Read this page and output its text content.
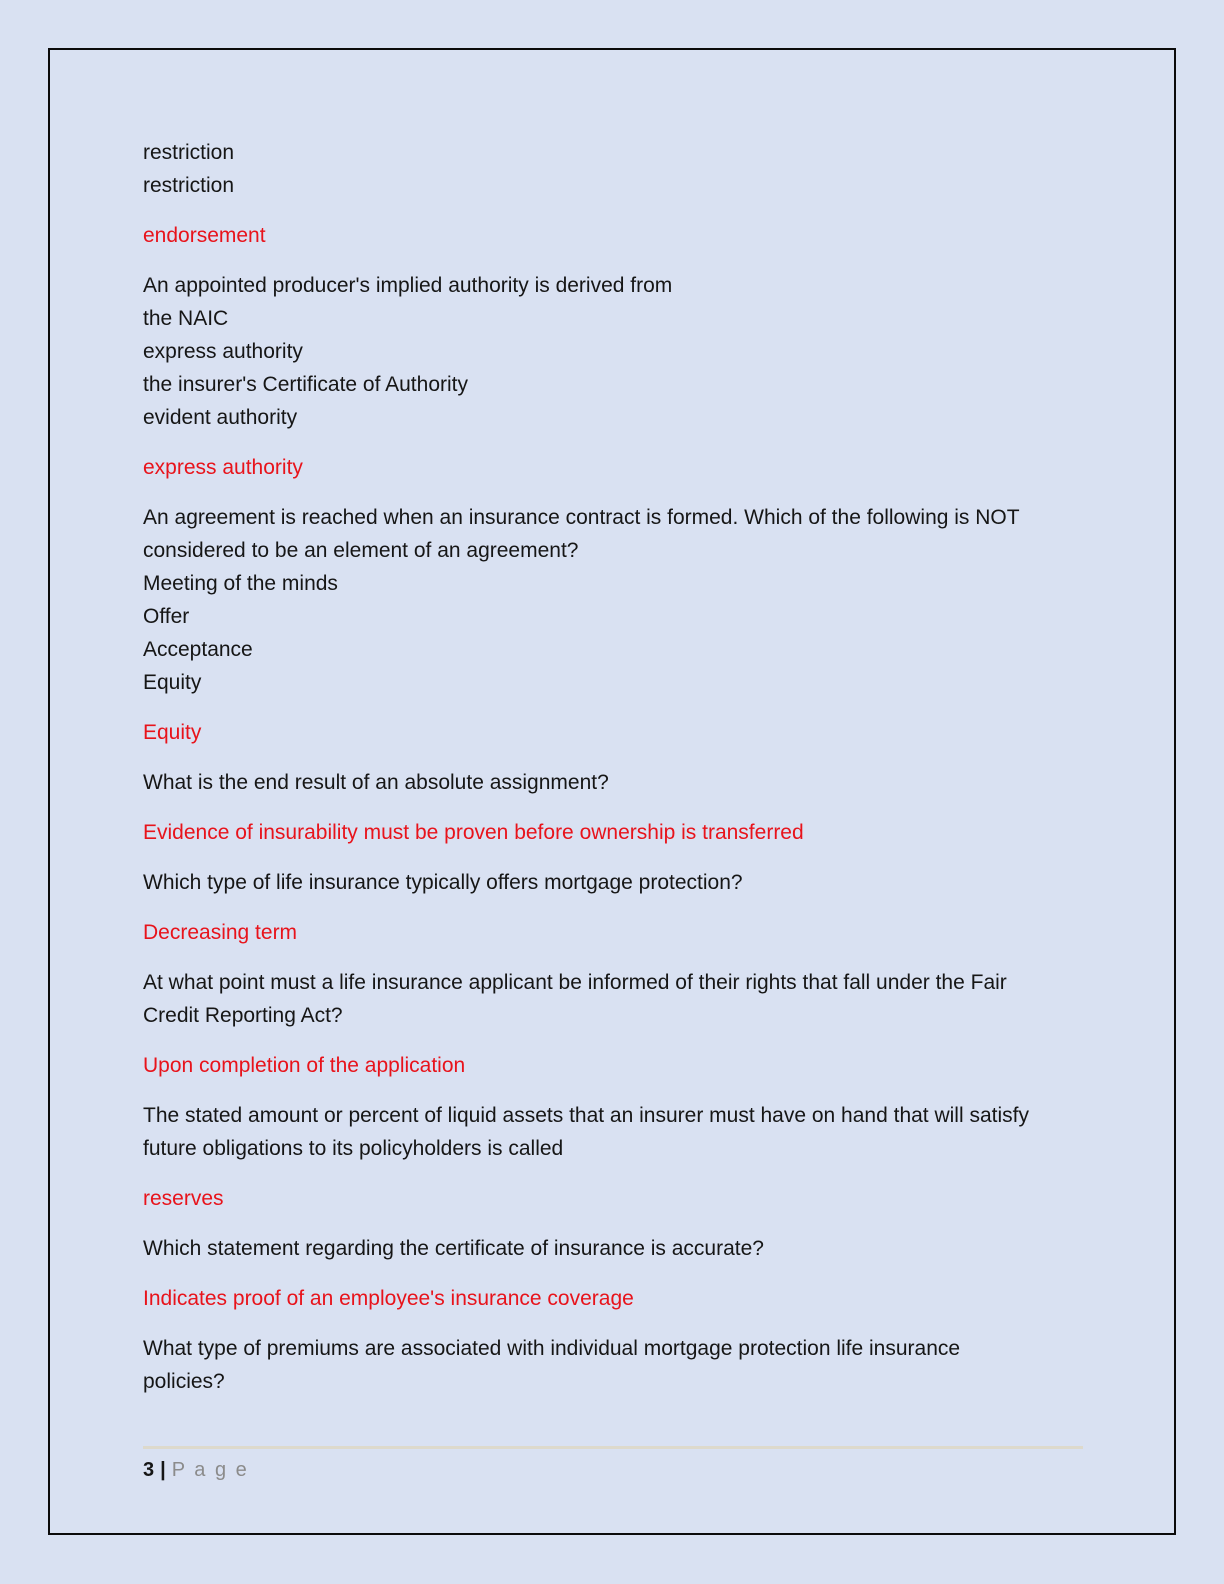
restriction
restriction

endorsement

An appointed producer's implied authority is derived from
the NAIC
express authority
the insurer's Certificate of Authority
evident authority

express authority

An agreement is reached when an insurance contract is formed. Which of the following is NOT
considered to be an element of an agreement?
Meeting of the minds
Offer
Acceptance
Equity

Equity

What is the end result of an absolute assignment?

Evidence of insurability must be proven before ownership is transferred

Which type of life insurance typically offers mortgage protection?

Decreasing term

At what point must a life insurance applicant be informed of their rights that fall under the Fair
Credit Reporting Act?

Upon completion of the application

The stated amount or percent of liquid assets that an insurer must have on hand that will satisfy
future obligations to its policyholders is called

reserves

Which statement regarding the certificate of insurance is accurate?

Indicates proof of an employee's insurance coverage

What type of premiums are associated with individual mortgage protection life insurance
policies?

3 | P a g e
